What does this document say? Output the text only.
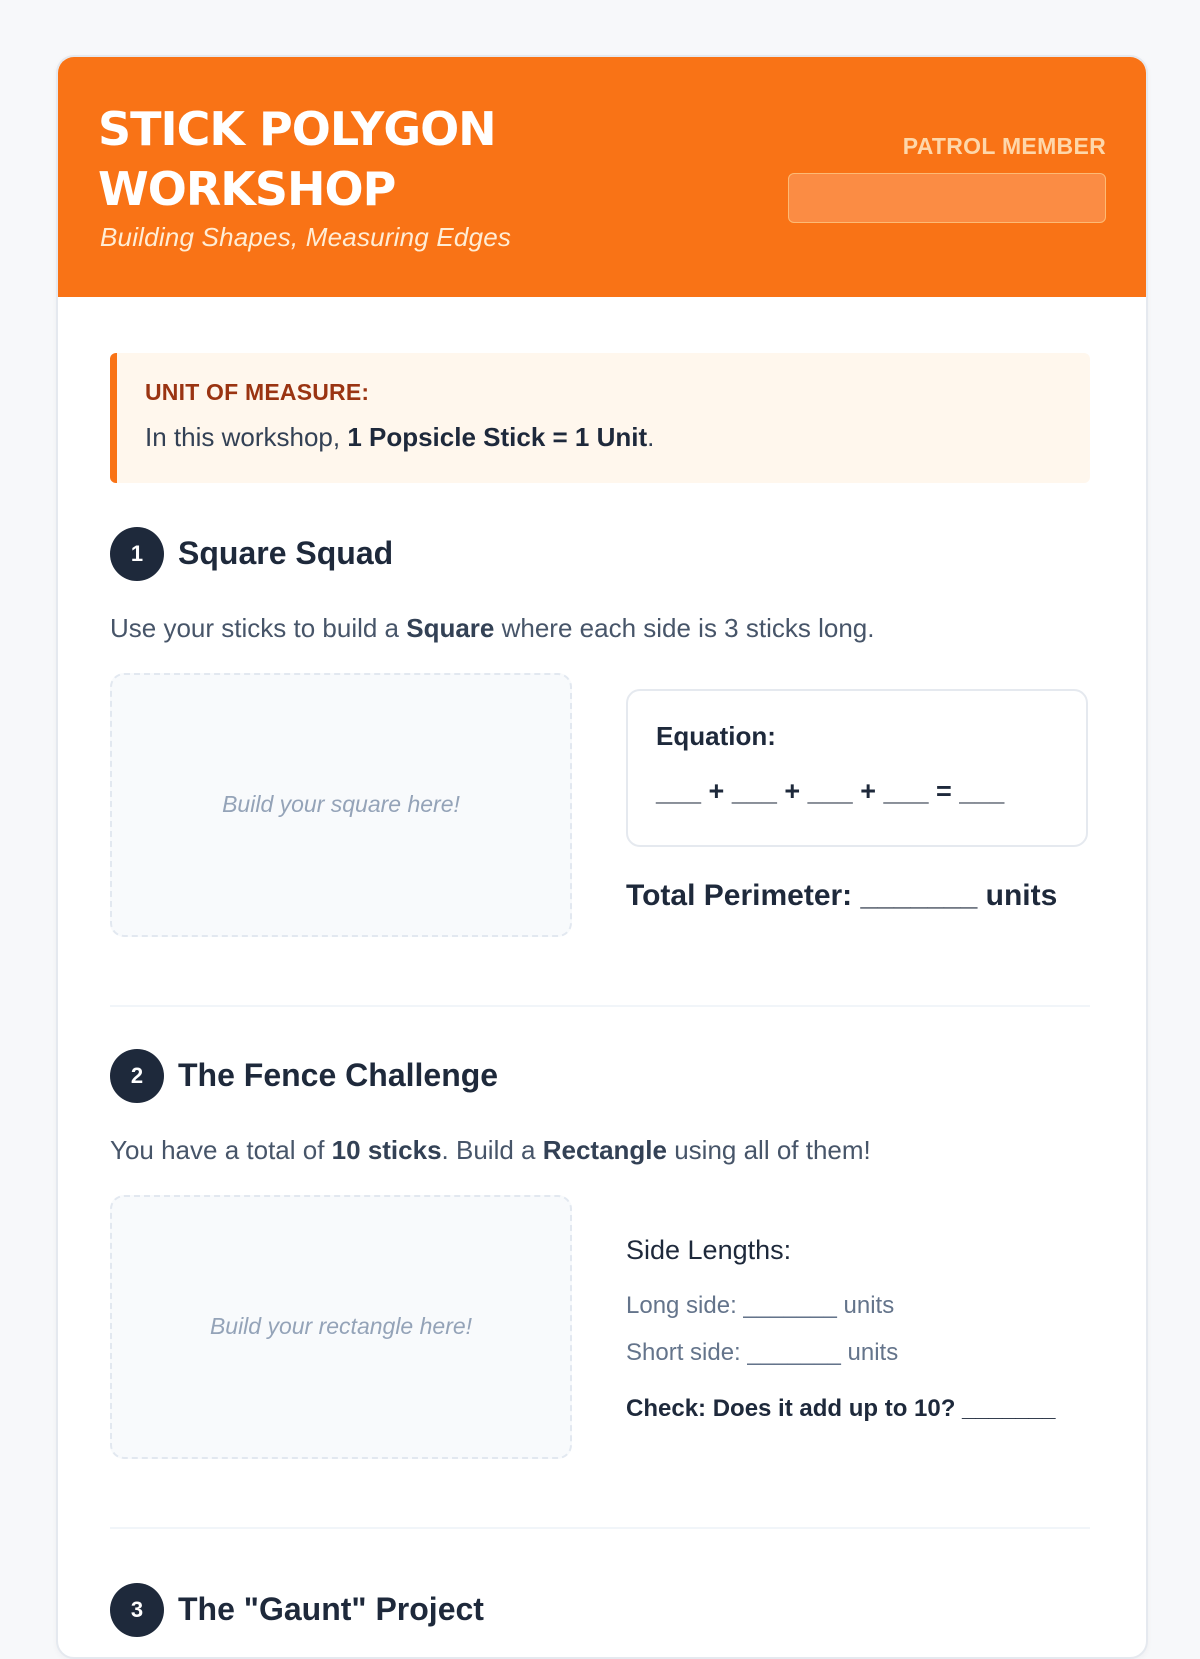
STICK POLYGON WORKSHOP
Building Shapes, Measuring Edges
PATROL MEMBER
UNIT OF MEASURE:
In this workshop, 1 Popsicle Stick = 1 Unit.
1	Square Squad
Use your sticks to build a Square where each side is 3 sticks long.
Build your square here!
Equation:
___ + ___ + ___ + ___ = ___
Total Perimeter: _______ units
2	The Fence Challenge
You have a total of 10 sticks. Build a Rectangle using all of them!
Build your rectangle here!
Side Lengths:
Long side: _______ units
Short side: _______ units
Check: Does it add up to 10? _______
3	The "Gaunt" Project
